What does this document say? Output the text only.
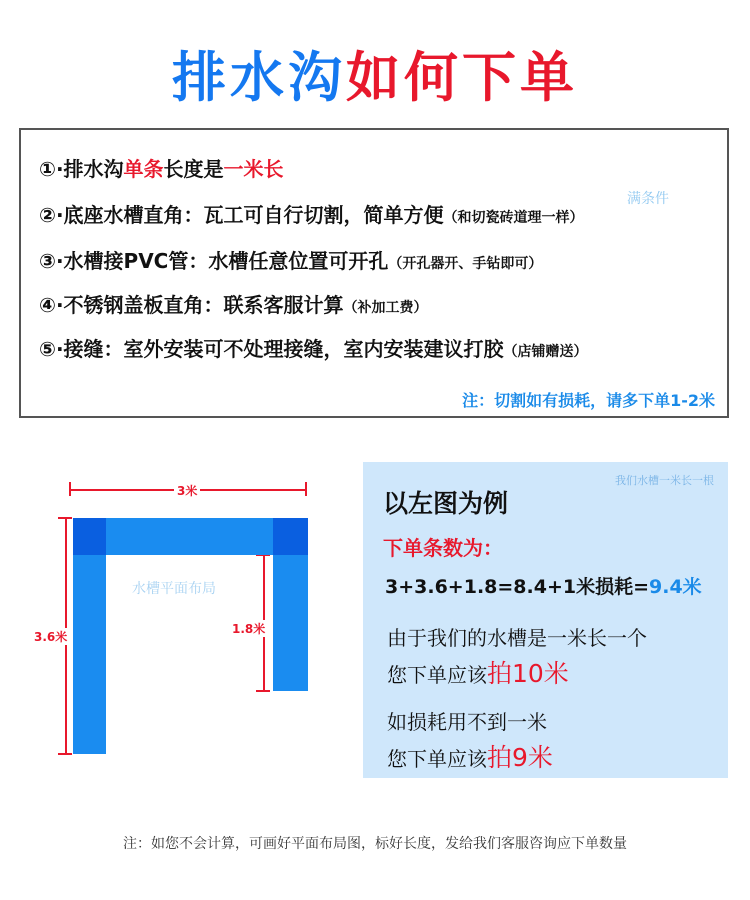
排水沟如何下单
①·排水沟单条长度是一米长
②·底座水槽直角：瓦工可自行切割，简单方便（和切瓷砖道理一样）
③·水槽接PVC管：水槽任意位置可开孔（开孔器开、手钻即可）
④·不锈钢盖板直角：联系客服计算（补加工费）
⑤·接缝：室外安装可不处理接缝，室内安装建议打胶（店铺赠送）
注：切割如有损耗，请多下单1-2米
满条件
3米
3.6米
1.8米
水槽平面布局
我们水槽一米长一根
以左图为例
下单条数为：
3+3.6+1.8=8.4+1米损耗=9.4米
由于我们的水槽是一米长一个
您下单应该拍10米
如损耗用不到一米
您下单应该拍9米
注：如您不会计算，可画好平面布局图，标好长度，发给我们客服咨询应下单数量
